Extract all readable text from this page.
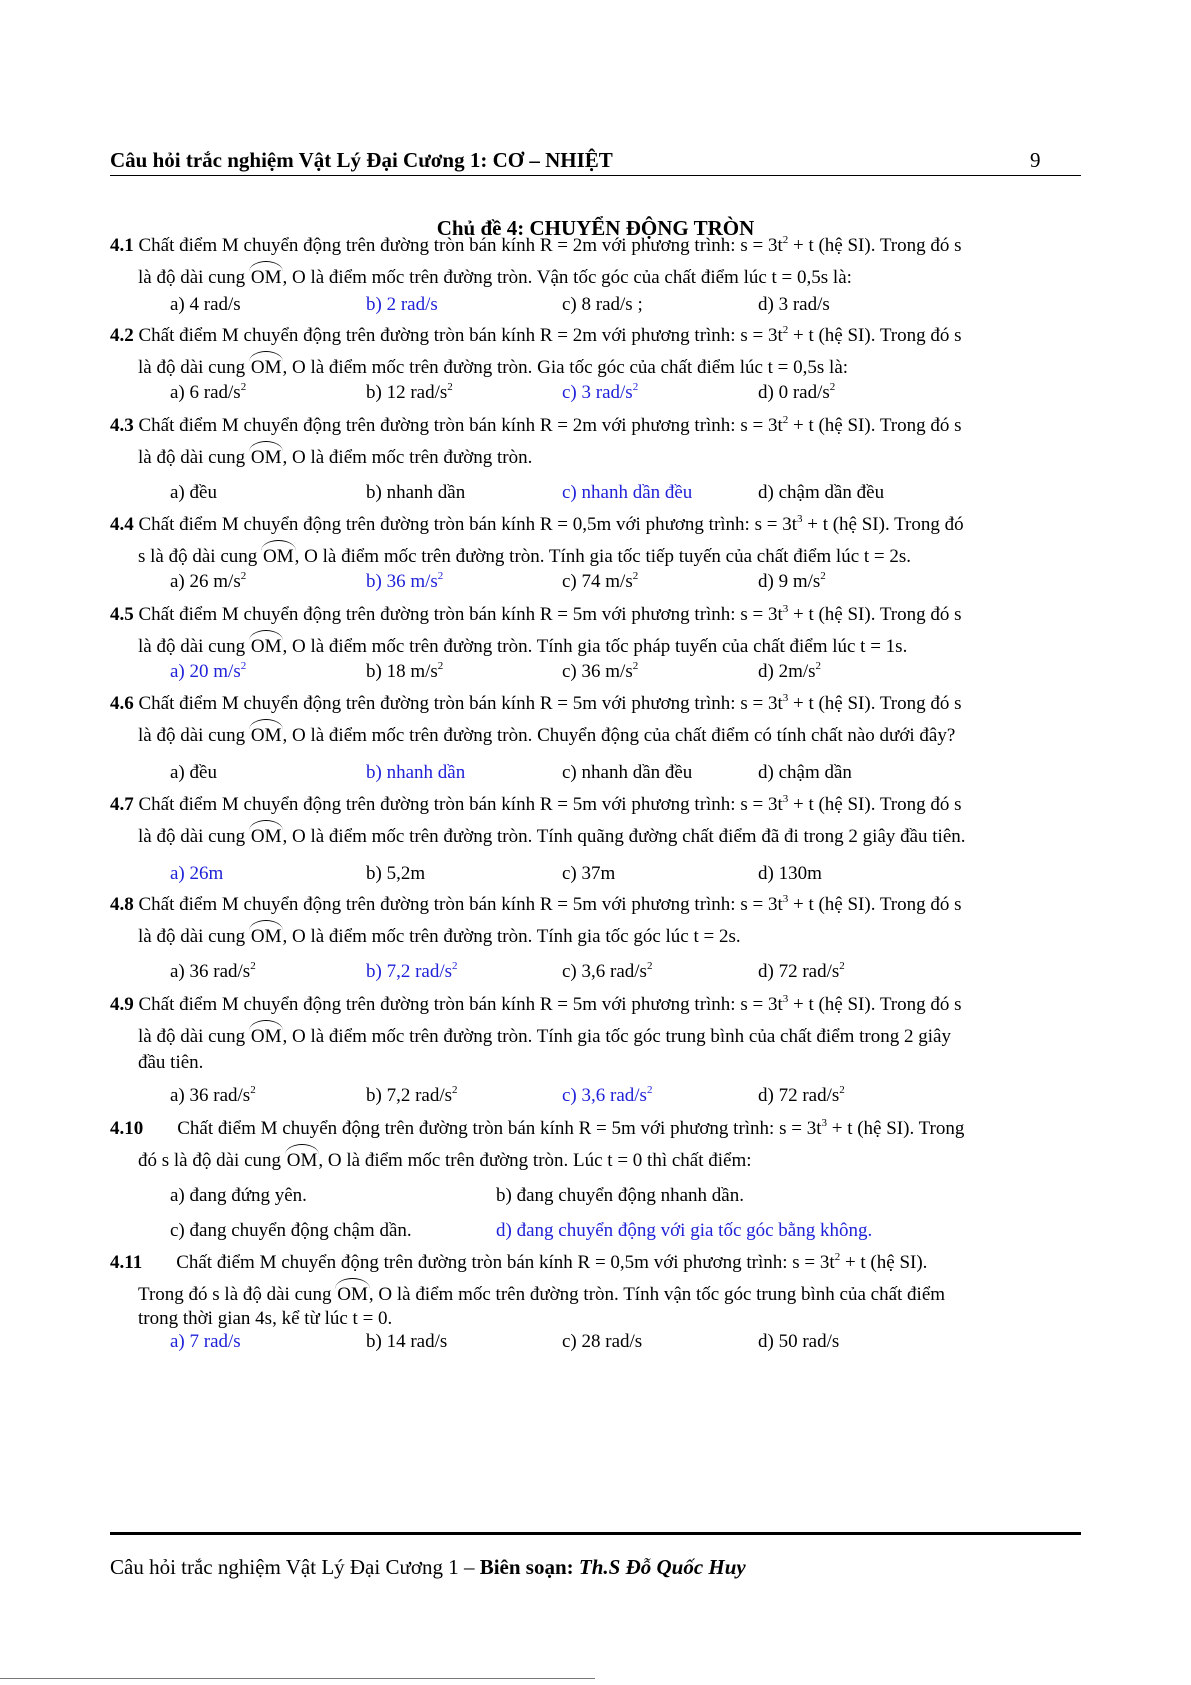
Câu hỏi trắc nghiệm Vật Lý Đại Cương 1: CƠ – NHIỆT	9
Chủ đề 4: CHUYỂN ĐỘNG TRÒN
4.1 Chất điểm M chuyển động trên đường tròn bán kính R = 2m với phương trình: $s = 3t^2 + t$ (hệ SI). Trong đó s
là độ dài cung OM, O là điểm mốc trên đường tròn. Vận tốc góc của chất điểm lúc t = 0,5s là:
a) 4 rad/s	b) 2 rad/s	c) 8 rad/s ;	d) 3 rad/s
4.2 Chất điểm M chuyển động trên đường tròn bán kính R = 2m với phương trình: $s = 3t^2 + t$ (hệ SI). Trong đó s
là độ dài cung OM, O là điểm mốc trên đường tròn. Gia tốc góc của chất điểm lúc t = 0,5s là:
a) 6 rad/$s^2$	b) 12 rad/$s^2$	c) 3 rad/$s^2$	d) 0 rad/$s^2$
4.3 Chất điểm M chuyển động trên đường tròn bán kính R = 2m với phương trình: $s = 3t^2 + t$ (hệ SI). Trong đó s
là độ dài cung OM, O là điểm mốc trên đường tròn.
a) đều	b) nhanh dần	c) nhanh dần đều	d) chậm dần đều
4.4 Chất điểm M chuyển động trên đường tròn bán kính R = 0,5m với phương trình: $s = 3t^3 + t$ (hệ SI). Trong đó
s là độ dài cung OM, O là điểm mốc trên đường tròn. Tính gia tốc tiếp tuyến của chất điểm lúc t = 2s.
a) 26 $m/s^2$	b) 36 $m/s^2$	c) 74 $m/s^2$	d) 9 $m/s^2$
4.5 Chất điểm M chuyển động trên đường tròn bán kính R = 5m với phương trình: $s = 3t^3 + t$ (hệ SI). Trong đó s
là độ dài cung OM, O là điểm mốc trên đường tròn. Tính gia tốc pháp tuyến của chất điểm lúc t = 1s.
a) 20 $m/s^2$	b) 18 $m/s^2$	c) 36 $m/s^2$	d) $2m/s^2$
4.6 Chất điểm M chuyển động trên đường tròn bán kính R = 5m với phương trình: $s = 3t^3 + t$ (hệ SI). Trong đó s
là độ dài cung OM, O là điểm mốc trên đường tròn. Chuyển động của chất điểm có tính chất nào dưới đây?
a) đều	b) nhanh dần	c) nhanh dần đều	d) chậm dần
4.7 Chất điểm M chuyển động trên đường tròn bán kính R = 5m với phương trình: $s = 3t^3 + t$ (hệ SI). Trong đó s
là độ dài cung OM, O là điểm mốc trên đường tròn. Tính quãng đường chất điểm đã đi trong 2 giây đầu tiên.
a) 26m	b) 5,2m	c) 37m	d) 130m
4.8 Chất điểm M chuyển động trên đường tròn bán kính R = 5m với phương trình: $s = 3t^3 + t$ (hệ SI). Trong đó s
là độ dài cung OM, O là điểm mốc trên đường tròn. Tính gia tốc góc lúc t = 2s.
a) 36 rad/$s^2$	b) 7,2 rad/$s^2$	c) 3,6 rad/$s^2$	d) 72 rad/$s^2$
4.9 Chất điểm M chuyển động trên đường tròn bán kính R = 5m với phương trình: $s = 3t^3 + t$ (hệ SI). Trong đó s
là độ dài cung OM, O là điểm mốc trên đường tròn. Tính gia tốc góc trung bình của chất điểm trong 2 giây
đầu tiên.
a) 36 rad/$s^2$	b) 7,2 rad/$s^2$	c) 3,6 rad/$s^2$	d) 72 rad/$s^2$
4.10 Chất điểm M chuyển động trên đường tròn bán kính R = 5m với phương trình: $s = 3t^3 + t$ (hệ SI). Trong
đó s là độ dài cung OM, O là điểm mốc trên đường tròn. Lúc t = 0 thì chất điểm:
a) đang đứng yên.	b) đang chuyển động nhanh dần.
c) đang chuyển động chậm dần.	d) đang chuyển động với gia tốc góc bằng không.
4.11 Chất điểm M chuyển động trên đường tròn bán kính R = 0,5m với phương trình: $s = 3t^2 + t$ (hệ SI).
Trong đó s là độ dài cung OM, O là điểm mốc trên đường tròn. Tính vận tốc góc trung bình của chất điểm
trong thời gian 4s, kể từ lúc t = 0.
a) 7 rad/s	b) 14 rad/s	c) 28 rad/s	d) 50 rad/s
Câu hỏi trắc nghiệm Vật Lý Đại Cương 1 – Biên soạn: Th.S Đỗ Quốc Huy
